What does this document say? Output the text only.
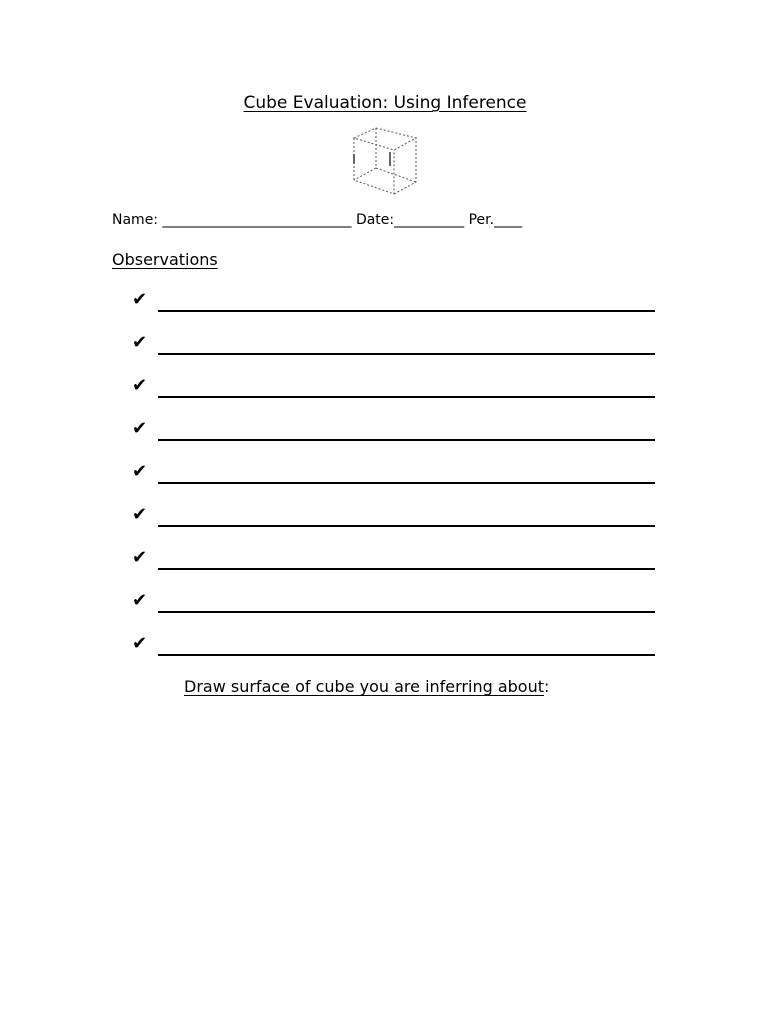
Cube Evaluation: Using Inference
Name: ___________________________ Date:__________ Per.____
Observations
✔
✔
✔
✔
✔
✔
✔
✔
✔
Draw surface of cube you are inferring about:
